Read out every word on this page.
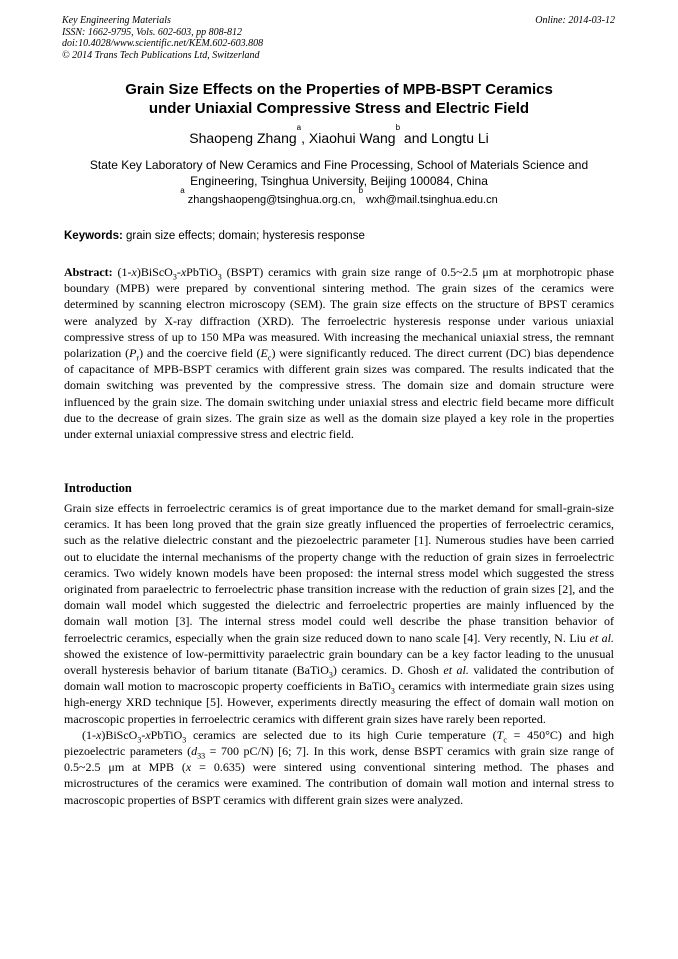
Key Engineering Materials
ISSN: 1662-9795, Vols. 602-603, pp 808-812
doi:10.4028/www.scientific.net/KEM.602-603.808
© 2014 Trans Tech Publications Ltd, Switzerland
Online: 2014-03-12
Grain Size Effects on the Properties of MPB-BSPT Ceramics
under Uniaxial Compressive Stress and Electric Field
Shaopeng Zhang$^a$, Xiaohui Wang$^b$ and Longtu Li
State Key Laboratory of New Ceramics and Fine Processing, School of Materials Science and Engineering, Tsinghua University, Beijing 100084, China
$^a$ zhangshaopeng@tsinghua.org.cn, $^b$ wxh@mail.tsinghua.edu.cn
Keywords: grain size effects; domain; hysteresis response
Abstract: (1-x)BiScO$_3$-xPbTiO$_3$ (BSPT) ceramics with grain size range of 0.5~2.5 μm at morphotropic phase boundary (MPB) were prepared by conventional sintering method. The grain sizes of the ceramics were determined by scanning electron microscopy (SEM). The grain size effects on the structure of BPST ceramics were analyzed by X-ray diffraction (XRD). The ferroelectric hysteresis response under various uniaxial compressive stress of up to 150 MPa was measured. With increasing the mechanical uniaxial stress, the remnant polarization $(P_r)$ and the coercive field $(E_c)$ were significantly reduced. The direct current (DC) bias dependence of capacitance of MPB-BSPT ceramics with different grain sizes was compared. The results indicated that the domain switching was prevented by the compressive stress. The domain size and domain structure were influenced by the grain size. The domain switching under uniaxial stress and electric field became more difficult due to the decrease of grain sizes. The grain size as well as the domain size played a key role in the properties under external uniaxial compressive stress and electric field.
Introduction

Grain size effects in ferroelectric ceramics is of great importance due to the market demand for small-grain-size ceramics. It has been long proved that the grain size greatly influenced the properties of ferroelectric ceramics, such as the relative dielectric constant and the piezoelectric parameter [1]. Numerous studies have been carried out to elucidate the internal mechanisms of the property change with the reduction of grain sizes in ferroelectric ceramics. Two widely known models have been proposed: the internal stress model which suggested the stress originated from paraelectric to ferroelectric phase transition increase with the reduction of grain sizes [2], and the domain wall model which suggested the dielectric and ferroelectric properties are mainly influenced by the domain wall motion [3]. The internal stress model could well describe the phase transition behavior of ferroelectric ceramics, especially when the grain size reduced down to nano scale [4]. Very recently, N. Liu et al. showed the existence of low-permittivity paraelectric grain boundary can be a key factor leading to the unusual overall hysteresis behavior of barium titanate (BaTiO$_3$) ceramics. D. Ghosh et al. validated the contribution of domain wall motion to macroscopic property coefficients in BaTiO$_3$ ceramics with intermediate grain sizes using high-energy XRD technique [5]. However, experiments directly measuring the effect of domain wall motion on macroscopic properties in ferroelectric ceramics with different grain sizes have rarely been reported.

(1-x)BiScO$_3$-xPbTiO$_3$ ceramics are selected due to its high Curie temperature $(T_c = 450^\circ C)$ and high piezoelectric parameters ($d_{33} = 700$ pC/N) [6; 7]. In this work, dense BSPT ceramics with grain size range of 0.5~2.5 μm at MPB (x = 0.635) were sintered using conventional sintering method. The phases and microstructures of the ceramics were examined. The contribution of domain wall motion and internal stress to macroscopic properties of BSPT ceramics with different grain sizes were analyzed.
